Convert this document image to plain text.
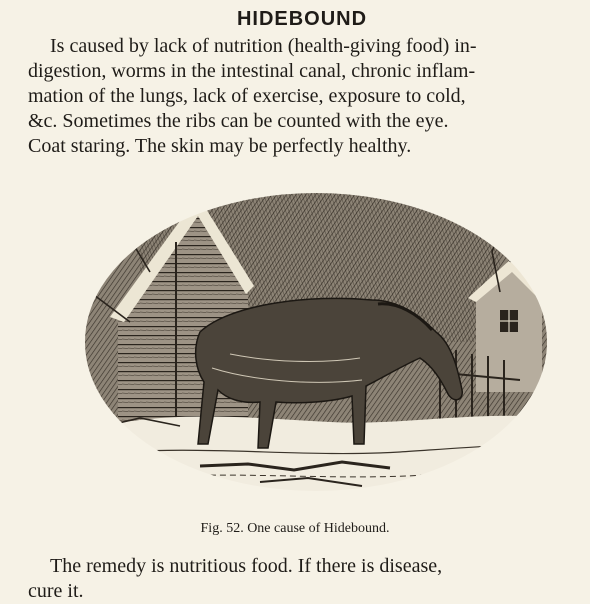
HIDEBOUND

Is caused by lack of nutrition (health-giving food) in-
digestion, worms in the intestinal canal, chronic inflam-
mation of the lungs, lack of exercise, exposure to cold,
&c. Sometimes the ribs can be counted with the eye.
Coat staring. The skin may be perfectly healthy.

Fig. 52. One cause of Hidebound.
The remedy is nutritious food. If there is disease,
cure it.
